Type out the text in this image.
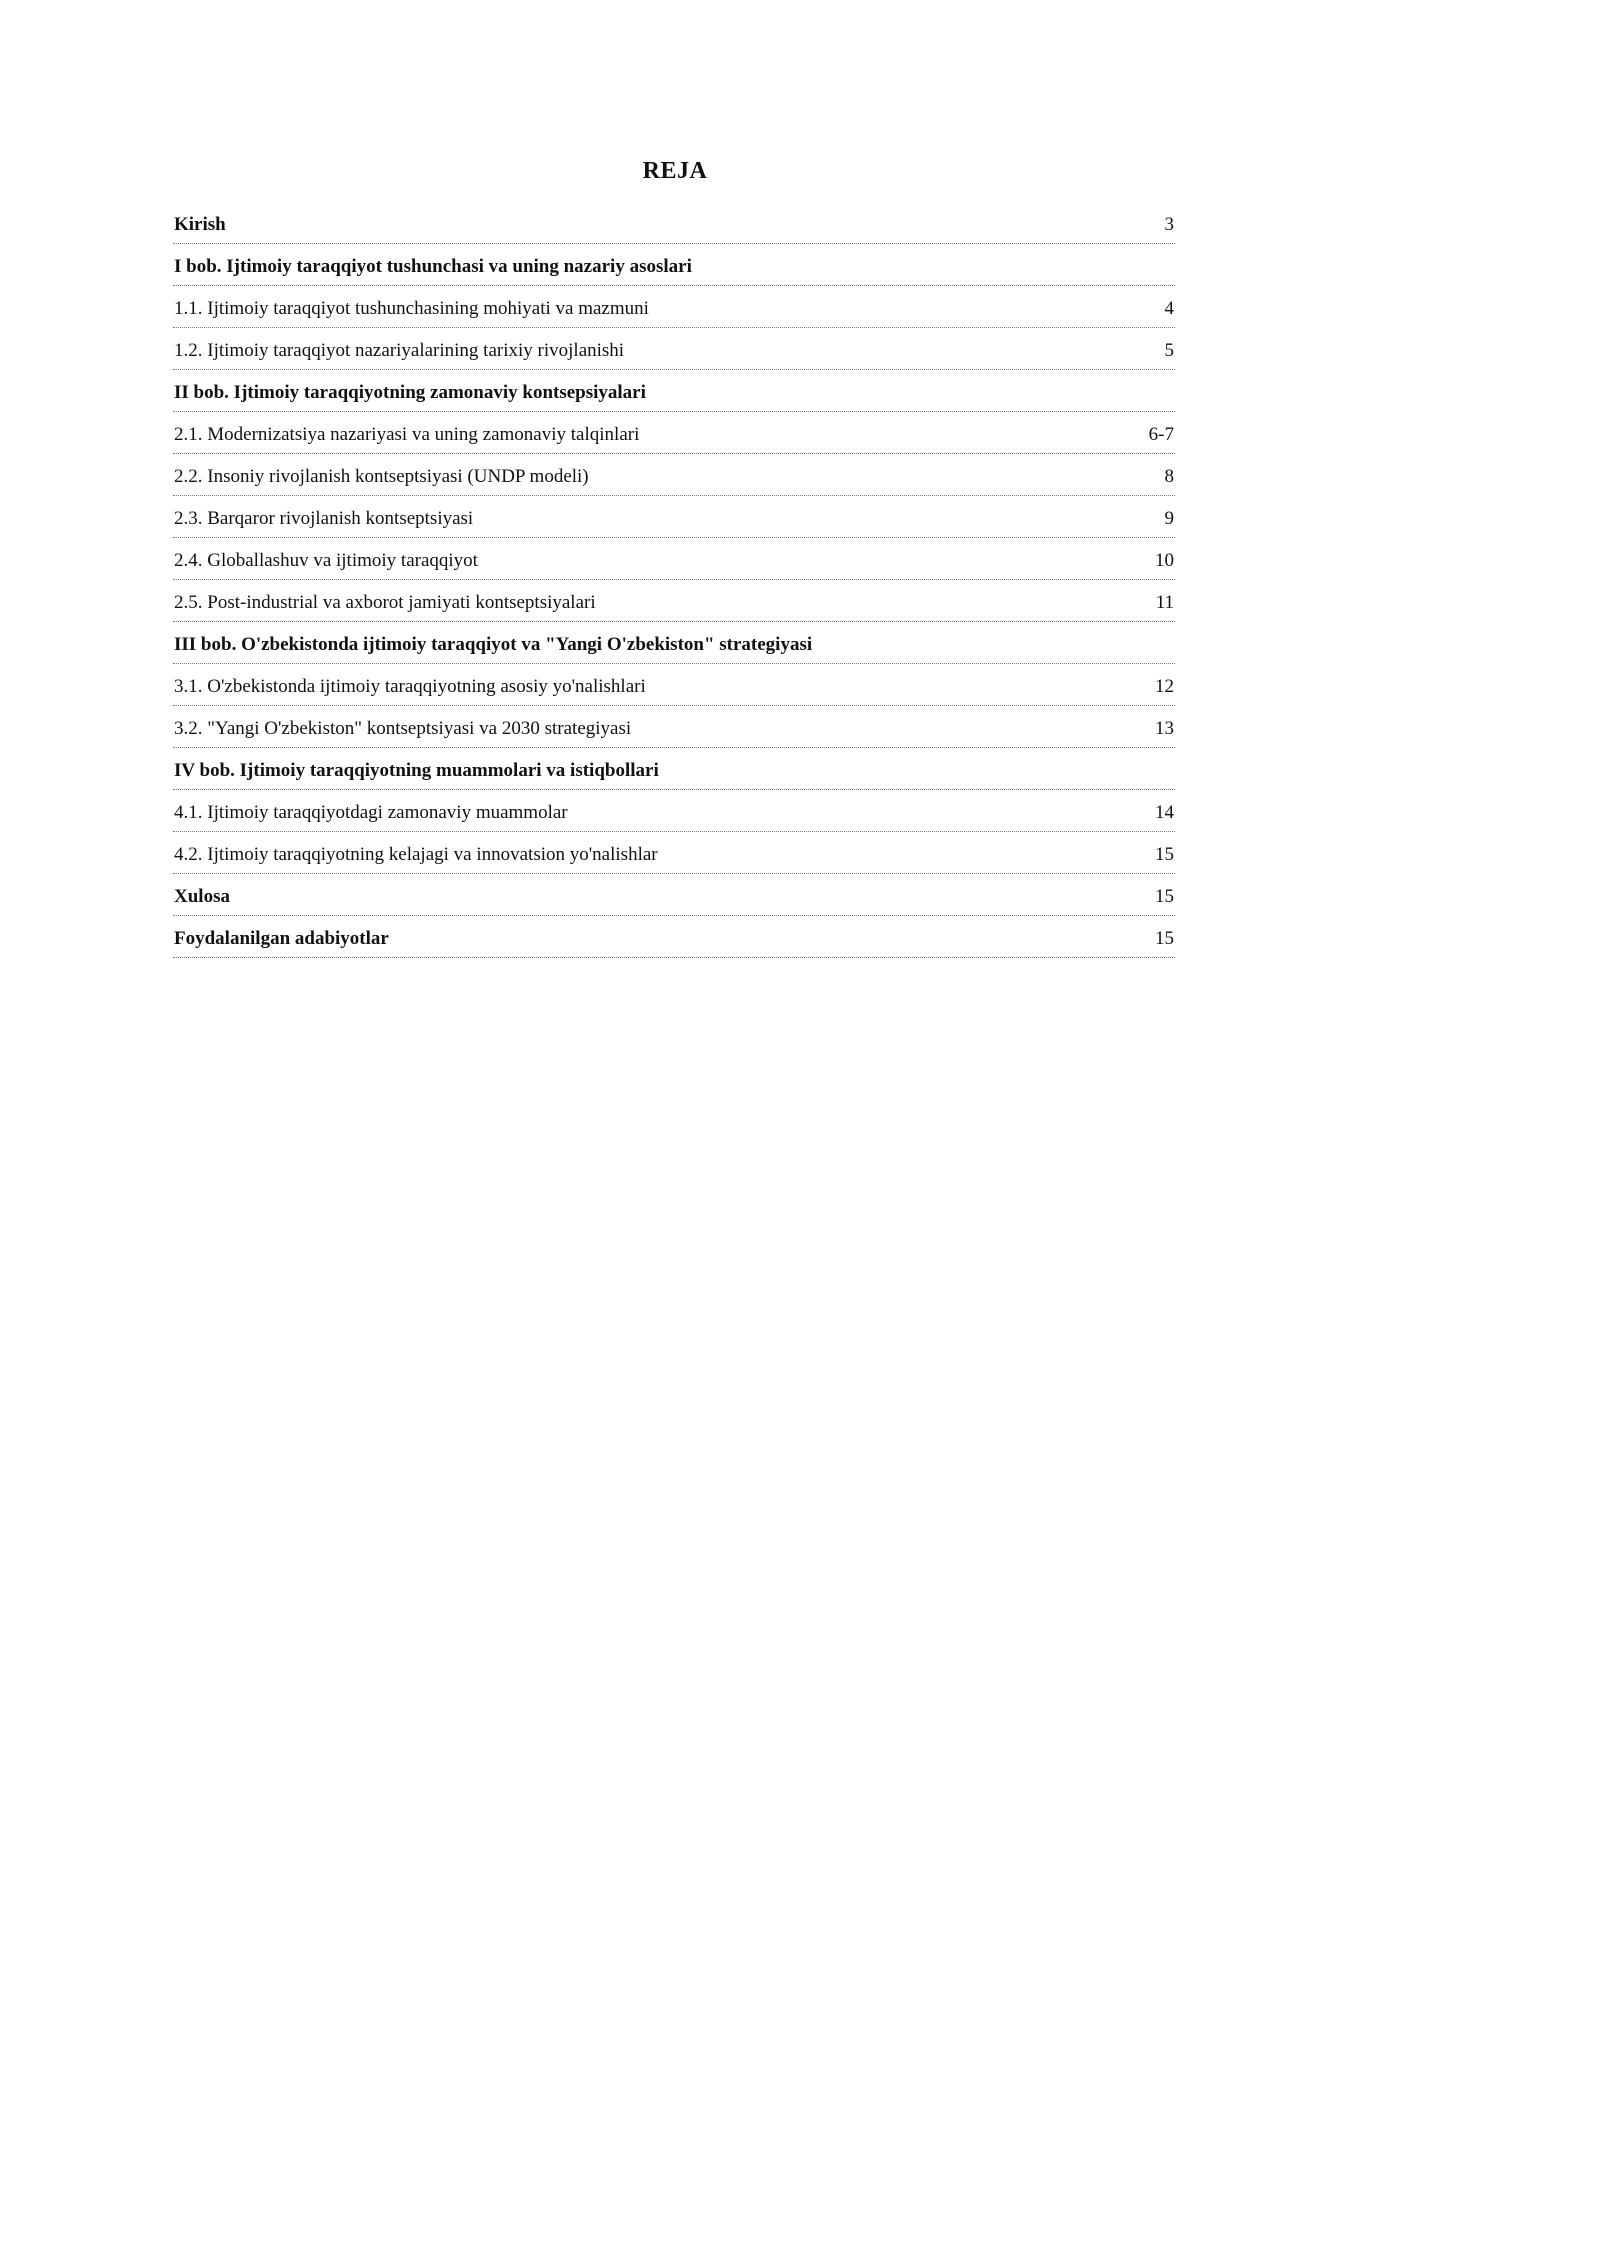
REJA
Kirish	3
I bob. Ijtimoiy taraqqiyot tushunchasi va uning nazariy asoslari
1.1. Ijtimoiy taraqqiyot tushunchasining mohiyati va mazmuni	4
1.2. Ijtimoiy taraqqiyot nazariyalarining tarixiy rivojlanishi	5
II bob. Ijtimoiy taraqqiyotning zamonaviy kontsepsiyalari
2.1. Modernizatsiya nazariyasi va uning zamonaviy talqinlari	6-7
2.2. Insoniy rivojlanish kontseptsiyasi (UNDP modeli)	8
2.3. Barqaror rivojlanish kontseptsiyasi	9
2.4. Globallashuv va ijtimoiy taraqqiyot	10
2.5. Post-industrial va axborot jamiyati kontseptsiyalari	11
III bob. O'zbekistonda ijtimoiy taraqqiyot va "Yangi O'zbekiston" strategiyasi
3.1. O'zbekistonda ijtimoiy taraqqiyotning asosiy yo'nalishlari	12
3.2. "Yangi O'zbekiston" kontseptsiyasi va 2030 strategiyasi	13
IV bob. Ijtimoiy taraqqiyotning muammolari va istiqbollari
4.1. Ijtimoiy taraqqiyotdagi zamonaviy muammolar	14
4.2. Ijtimoiy taraqqiyotning kelajagi va innovatsion yo'nalishlar	15
Xulosa	15
Foydalanilgan adabiyotlar	15
